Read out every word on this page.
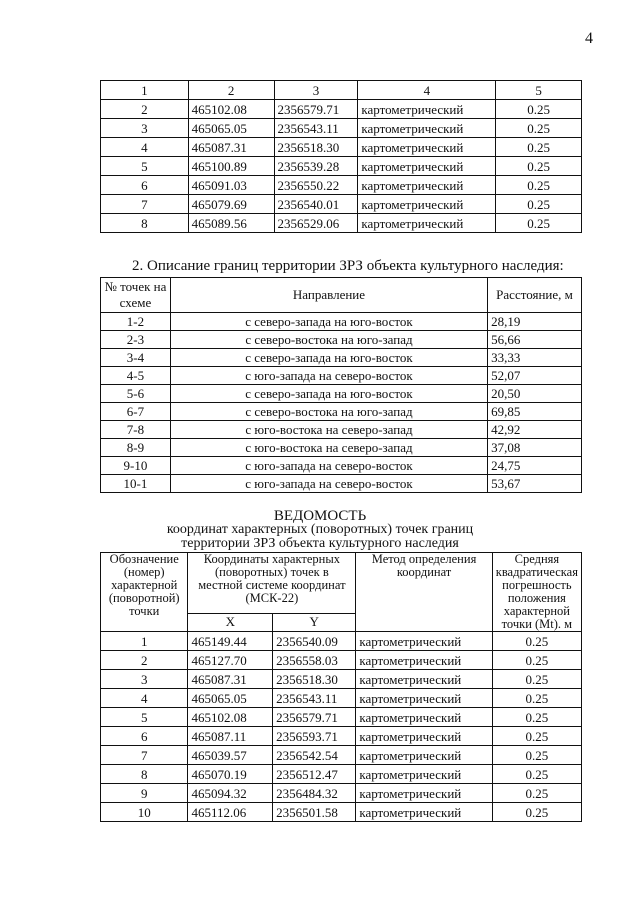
4
1	2	3	4	5
2	465102.08	2356579.71	картометрический	0.25
3	465065.05	2356543.11	картометрический	0.25
4	465087.31	2356518.30	картометрический	0.25
5	465100.89	2356539.28	картометрический	0.25
6	465091.03	2356550.22	картометрический	0.25
7	465079.69	2356540.01	картометрический	0.25
8	465089.56	2356529.06	картометрический	0.25
2. Описание границ территории ЗРЗ объекта культурного наследия:
№ точек на схеме	Направление	Расстояние, м
1-2	с северо-запада на юго-восток	28,19
2-3	с северо-востока на юго-запад	56,66
3-4	с северо-запада на юго-восток	33,33
4-5	с юго-запада на северо-восток	52,07
5-6	с северо-запада на юго-восток	20,50
6-7	с северо-востока на юго-запад	69,85
7-8	с юго-востока на северо-запад	42,92
8-9	с юго-востока на северо-запад	37,08
9-10	с юго-запада на северо-восток	24,75
10-1	с юго-запада на северо-восток	53,67
ВЕДОМОСТЬ
координат характерных (поворотных) точек границ
территории ЗРЗ объекта культурного наследия
Обозначение (номер) характерной (поворотной) точки	Координаты характерных (поворотных) точек в местной системе координат (МСК-22)		Метод определения координат	Средняя квадратическая погрешность положения характерной точки (Mt). м
	X	Y		
1	465149.44	2356540.09	картометрический	0.25
2	465127.70	2356558.03	картометрический	0.25
3	465087.31	2356518.30	картометрический	0.25
4	465065.05	2356543.11	картометрический	0.25
5	465102.08	2356579.71	картометрический	0.25
6	465087.11	2356593.71	картометрический	0.25
7	465039.57	2356542.54	картометрический	0.25
8	465070.19	2356512.47	картометрический	0.25
9	465094.32	2356484.32	картометрический	0.25
10	465112.06	2356501.58	картометрический	0.25
